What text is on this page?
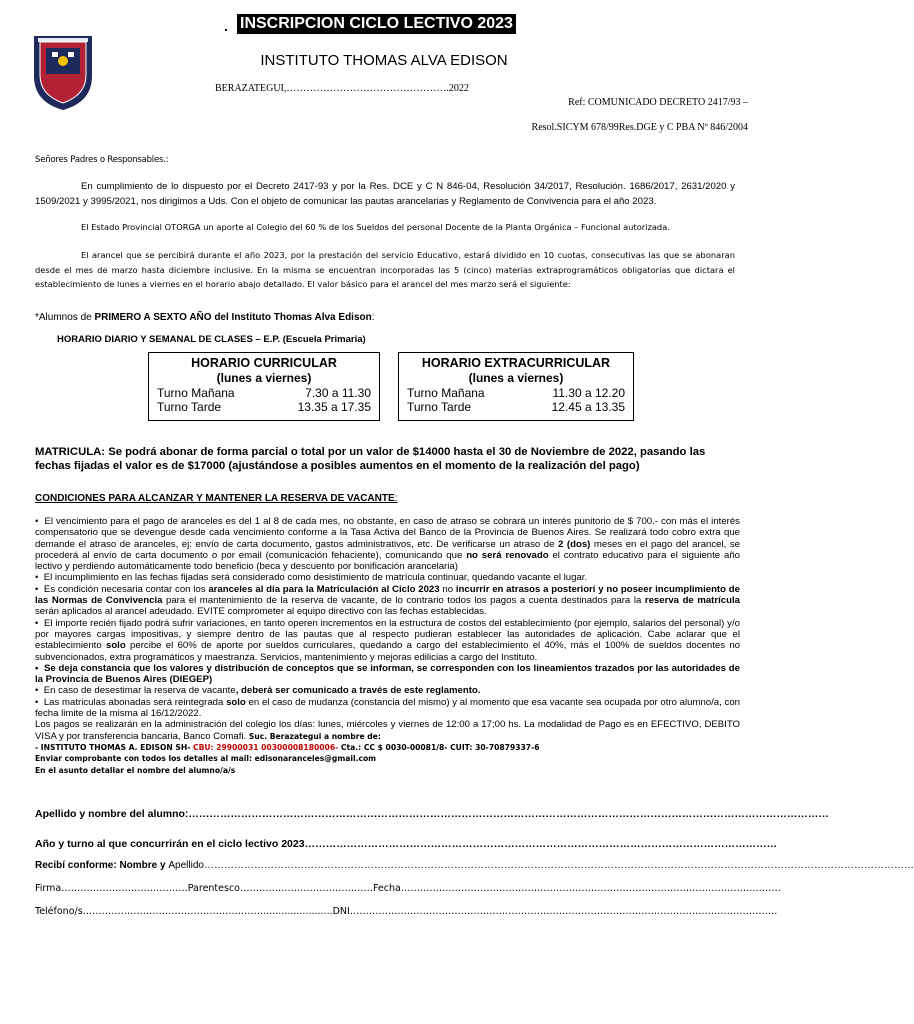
. INSCRIPCION CICLO LECTIVO 2023
INSTITUTO THOMAS ALVA EDISON
BERAZATEGUI,………………………………………….2022
Ref: COMUNICADO DECRETO 2417/93 –
Resol.SICYM 678/99Res.DGE y C PBA Nº 846/2004
Señores Padres o Responsables.:
En cumplimiento de lo dispuesto por el Decreto 2417-93 y por la Res. DCE y C N 846-04, Resolución 34/2017, Resolución. 1686/2017, 2631/2020 y 1509/2021 y 3995/2021, nos dirigimos a Uds. Con el objeto de comunicar las pautas arancelarias y Reglamento de Convivencia para el año 2023.
El Estado Provincial OTORGA un aporte al Colegio del 60 % de los Sueldos del personal Docente de la Planta Orgánica – Funcional autorizada.
El arancel que se percibirá durante el año 2023, por la prestación del servicio Educativo, estará dividido en 10 cuotas, consecutivas las que se abonaran desde el mes de marzo hasta diciembre inclusive. En la misma se encuentran incorporadas las 5 (cinco) materias extraprogramáticos obligatorias que dictara el establecimiento de lunes a viernes en el horario abajo detallado. El valor básico para el arancel del mes marzo será el siguiente:
*Alumnos de PRIMERO A SEXTO AÑO del Instituto Thomas Alva Edison:
HORARIO DIARIO Y SEMANAL DE CLASES – E.P. (Escuela Primaria)
HORARIO CURRICULAR
(lunes a viernes)
Turno Mañana	7.30 a 11.30
Turno Tarde	13.35 a 17.35
HORARIO EXTRACURRICULAR
(lunes a viernes)
Turno Mañana	11.30 a 12.20
Turno Tarde	12.45 a 13.35
MATRICULA: Se podrá abonar de forma parcial o total por un valor de $14000 hasta el 30 de Noviembre de 2022, pasando las fechas fijadas el valor es de $17000 (ajustándose a posibles aumentos en el momento de la realización del pago)
CONDICIONES PARA ALCANZAR Y MANTENER LA RESERVA DE VACANTE:

•  El vencimiento para el pago de aranceles es del 1 al 8 de cada mes, no obstante, en caso de atraso se cobrará un interés punitorio de $ 700.- con más el interés compensatorio que se devengue desde cada vencimiento conforme a la Tasa Activa del Banco de la Provincia de Buenos Aires. Se realizará todo cobro extra que demande el atraso de aranceles, ej: envío de carta documento, gastos administrativos, etc. De verificarse un atraso de 2 (dos) meses en el pago del arancel, se procederá al envío de carta documento o por email (comunicación fehaciente), comunicando que no será renovado el contrato educativo para el siguiente año lectivo y perdiendo automáticamente todo beneficio (beca y descuento por bonificación arancelaria)

•  El incumplimiento en las fechas fijadas será considerado como desistimiento de matrícula continuar, quedando vacante el lugar.

•  Es condición necesaria contar con los aranceles al día para la Matriculación al Ciclo 2023 no incurrir en atrasos a posteriori y no poseer incumplimiento de las Normas de Convivencia para el mantenimiento de la reserva de vacante, de lo contrario todos los pagos a cuenta destinados para la reserva de matrícula serán aplicados al arancel adeudado. EVITE comprometer al equipo directivo con las fechas establecidas.

•  El importe recién fijado podrá sufrir variaciones, en tanto operen incrementos en la estructura de costos del establecimiento (por ejemplo, salarios del personal) y/o por mayores cargas impositivas, y siempre dentro de las pautas que al respecto pudieran establecer las autoridades de aplicación. Cabe aclarar que el establecimiento solo percibe el 60% de aporte por sueldos curriculares, quedando a cargo del establecimiento el 40%, más el 100% de sueldos docentes no subvencionados, extra programáticos y maestranza. Servicios, mantenimiento y mejoras edilicias a cargo del Instituto.

•  Se deja constancia que los valores y distribución de conceptos que se informan, se corresponden con los lineamientos trazados por las autoridades de la Provincia de Buenos Aires (DIEGEP)

•  En caso de desestimar la reserva de vacante, deberá ser comunicado a través de este reglamento.

•  Las matriculas abonadas será reintegrada solo en el caso de mudanza (constancia del mismo) y al momento que esa vacante sea ocupada por otro alumno/a, con fecha limite de la misma al 16/12/2022.

Los pagos se realizarán en la administración del colegio los días: lunes, miércoles y viernes de 12:00 a 17;00 hs. La modalidad de Pago es en EFECTIVO, DEBITO VISA y por transferencia bancaria, Banco Comafi. Suc. Berazategui a nombre de:

- INSTITUTO THOMAS A. EDISON SH- CBU: 29900031 00300008180006- Cta.: CC $ 0030-00081/8- CUIT: 30-70879337-6

Enviar comprobante con todos los detalles al mail: edisonaranceles@gmail.com

En el asunto detallar el nombre del alumno/a/s

Apellido y nombre del alumno:…………………………………………………………………………………………………………………………………………………………………
Año y turno al que concurrirán en el ciclo lectivo 2023………………………………………………………………………………………………………………………
Recibí conforme: Nombre y Apellido……………………………………………………………………………………………………………………………………………………………………………………………
Firma……………………….…………Parentesco……………………………………Fecha…………………………………………………………………………………………………………
Teléfono/s………………………………………………….......................DNI………………………………………………………………………………………………………………………
